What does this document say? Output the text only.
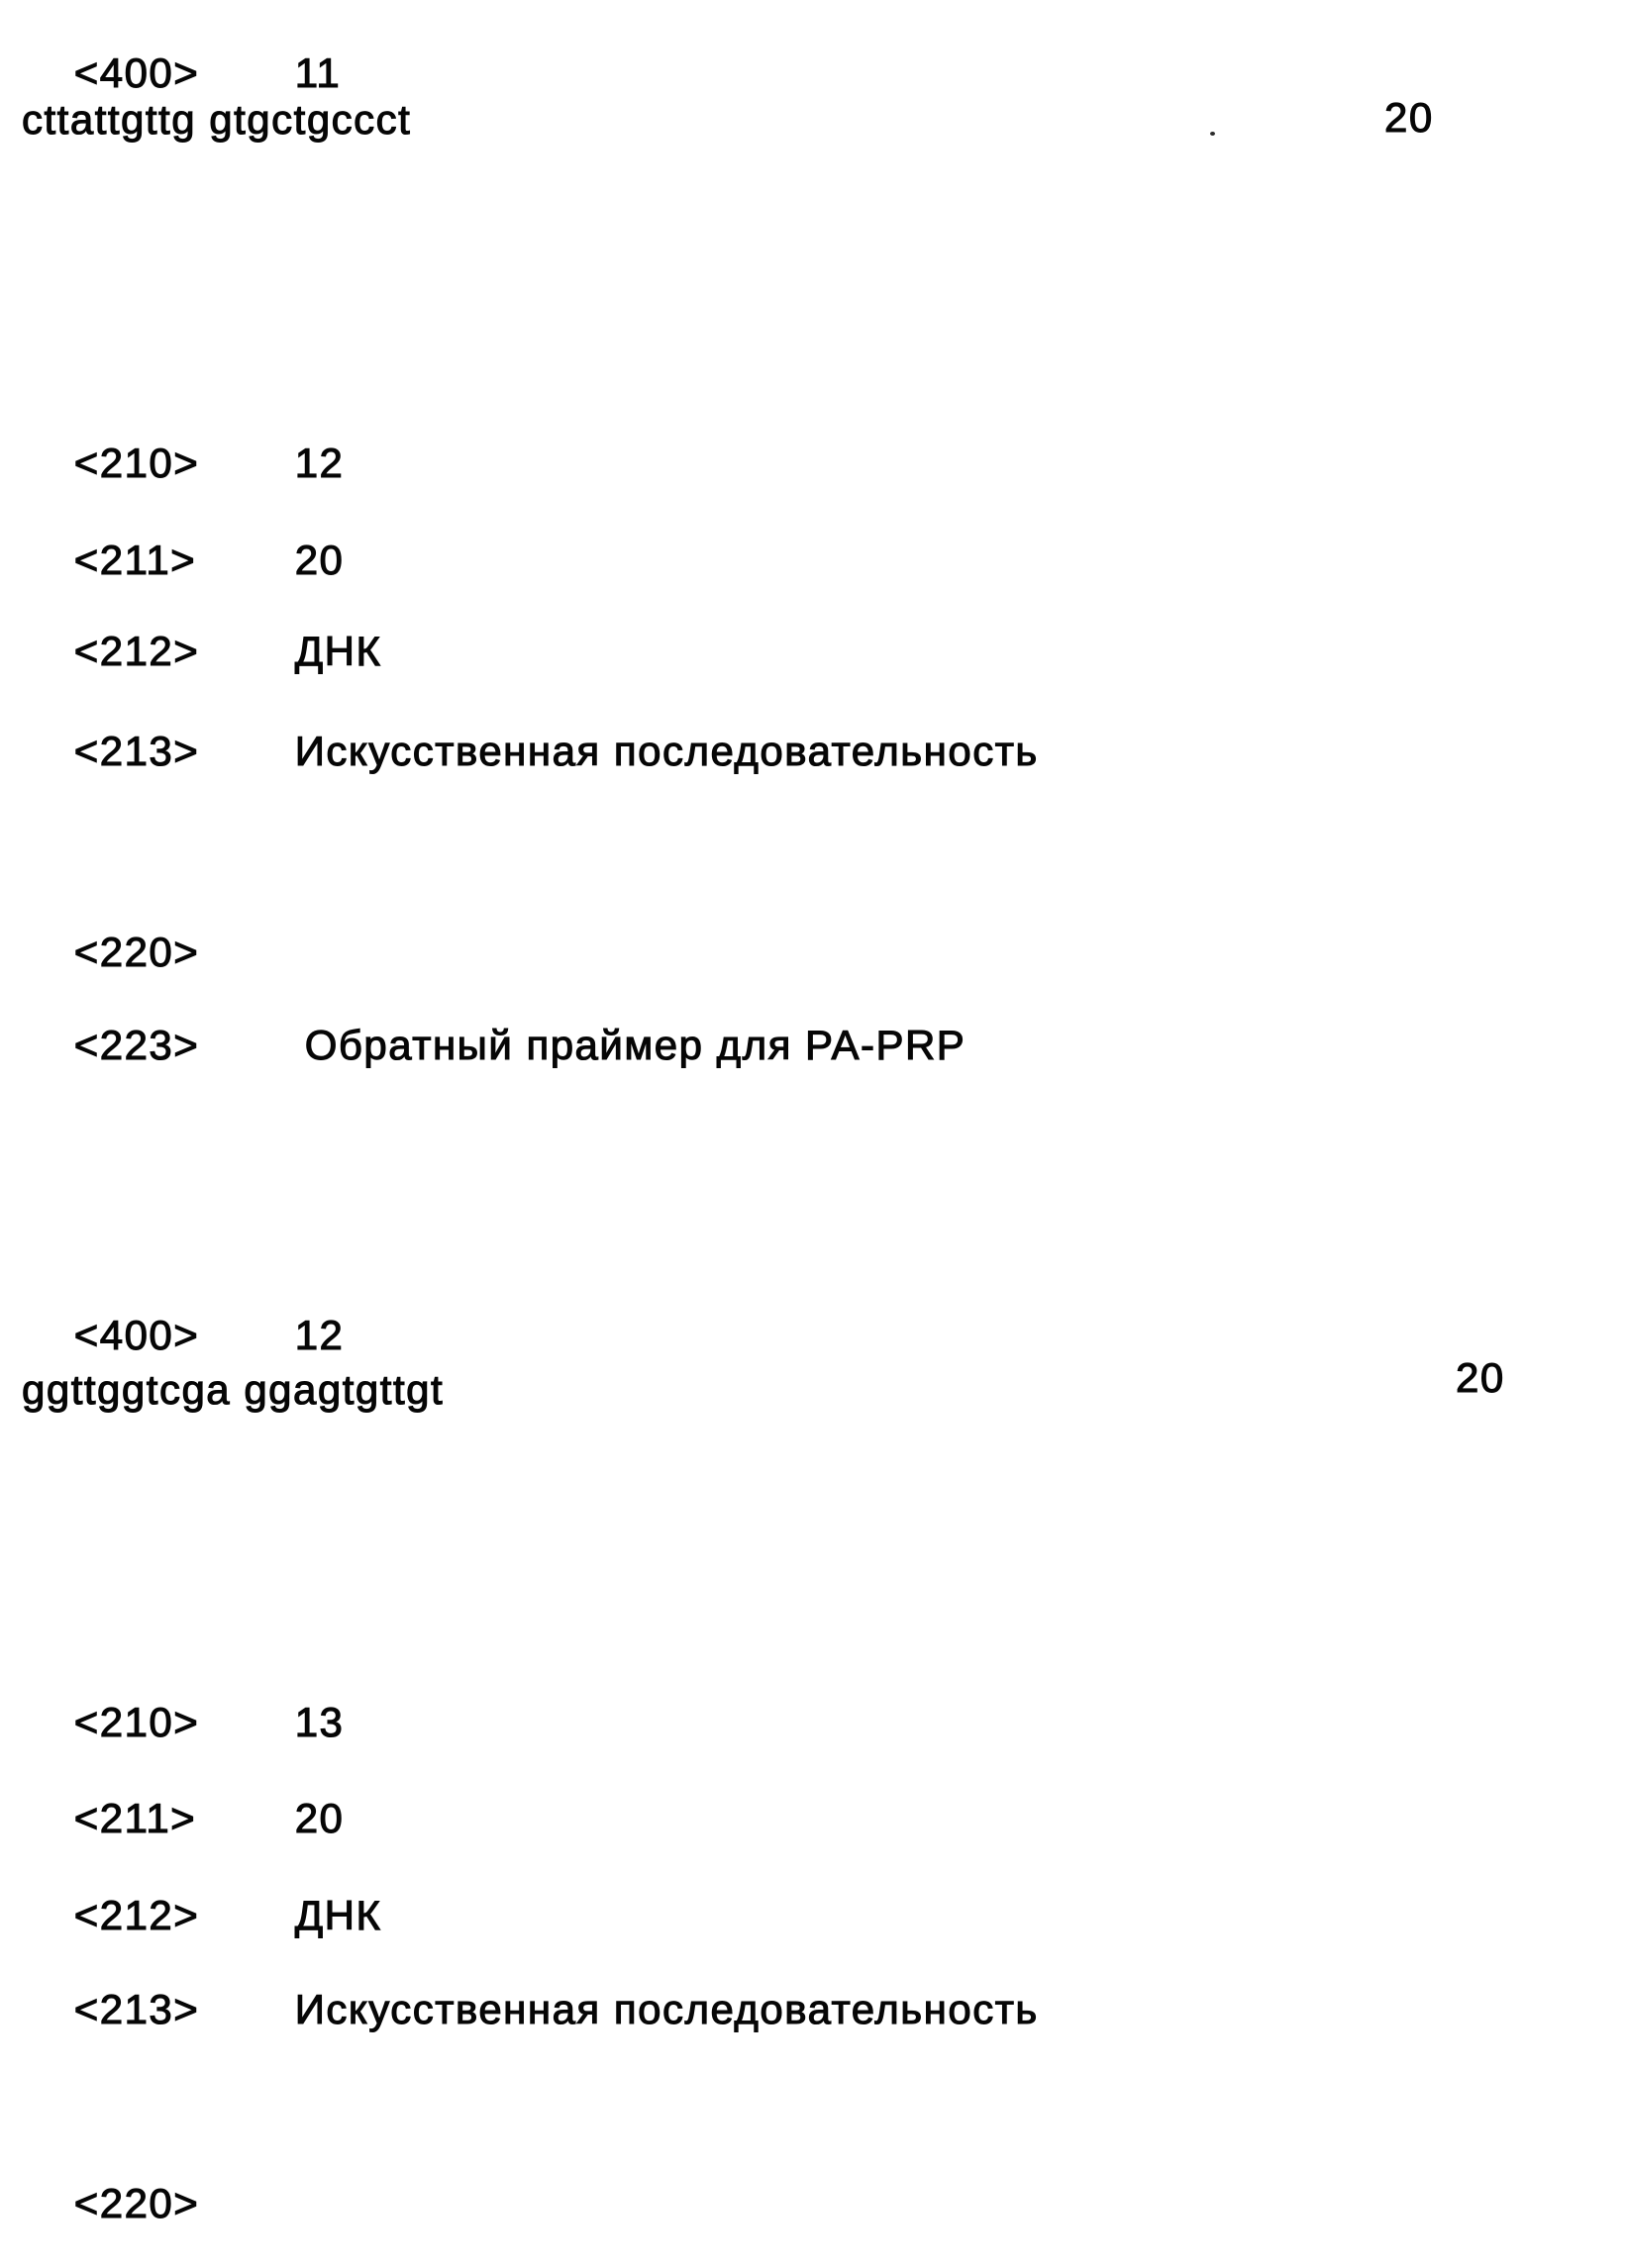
<400> 11

cttattgttg gtgctgccct	20

<210> 12

<211> 20

<212> ДНК

<213> Искусственная последовательность

<220>

<223>	Обратный праймер для PA-PRP

<400> 12

ggttggtcga ggagtgttgt	20

<210> 13

<211> 20

<212> ДНК

<213> Искусственная последовательность

<220>
